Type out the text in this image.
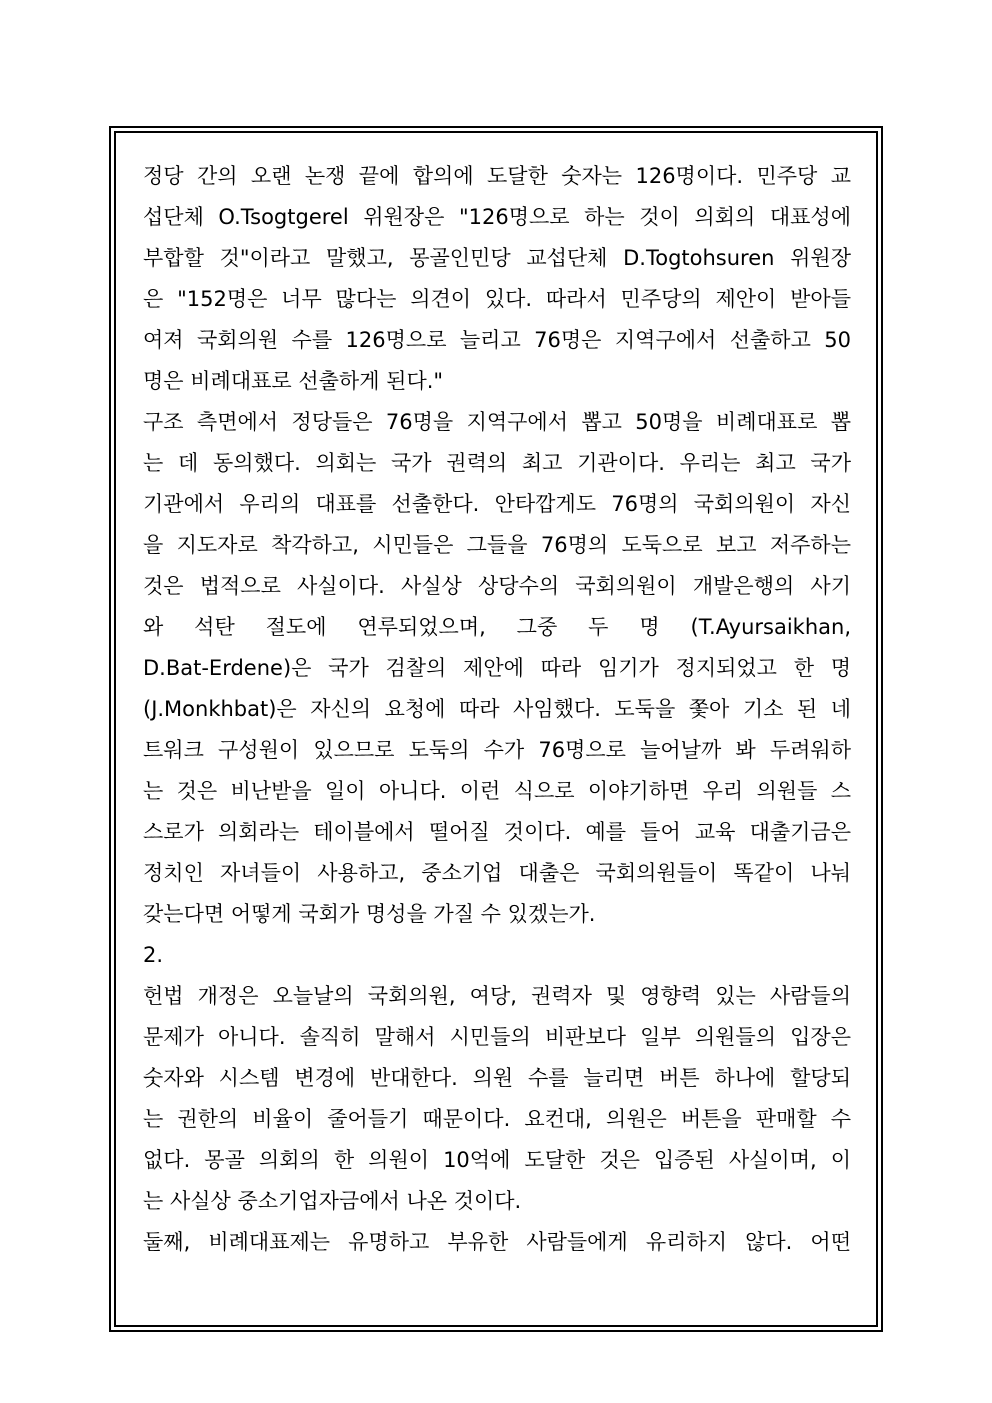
정당 간의 오랜 논쟁 끝에 합의에 도달한 숫자는 126명이다. 민주당 교
섭단체 O.Tsogtgerel 위원장은 "126명으로 하는 것이 의회의 대표성에
부합할 것"이라고 말했고, 몽골인민당 교섭단체 D.Togtohsuren 위원장
은 "152명은 너무 많다는 의견이 있다. 따라서 민주당의 제안이 받아들
여져 국회의원 수를 126명으로 늘리고 76명은 지역구에서 선출하고 50
명은 비례대표로 선출하게 된다."
구조 측면에서 정당들은 76명을 지역구에서 뽑고 50명을 비례대표로 뽑
는 데 동의했다. 의회는 국가 권력의 최고 기관이다. 우리는 최고 국가
기관에서 우리의 대표를 선출한다. 안타깝게도 76명의 국회의원이 자신
을 지도자로 착각하고, 시민들은 그들을 76명의 도둑으로 보고 저주하는
것은 법적으로 사실이다. 사실상 상당수의 국회의원이 개발은행의 사기
와 석탄 절도에 연루되었으며, 그중 두 명 (T.Ayursaikhan,
D.Bat-Erdene)은 국가 검찰의 제안에 따라 임기가 정지되었고 한 명
(J.Monkhbat)은 자신의 요청에 따라 사임했다. 도둑을 쫓아 기소 된 네
트워크 구성원이 있으므로 도둑의 수가 76명으로 늘어날까 봐 두려워하
는 것은 비난받을 일이 아니다. 이런 식으로 이야기하면 우리 의원들 스
스로가 의회라는 테이블에서 떨어질 것이다. 예를 들어 교육 대출기금은
정치인 자녀들이 사용하고, 중소기업 대출은 국회의원들이 똑같이 나눠
갖는다면 어떻게 국회가 명성을 가질 수 있겠는가.
2.
헌법 개정은 오늘날의 국회의원, 여당, 권력자 및 영향력 있는 사람들의
문제가 아니다. 솔직히 말해서 시민들의 비판보다 일부 의원들의 입장은
숫자와 시스템 변경에 반대한다. 의원 수를 늘리면 버튼 하나에 할당되
는 권한의 비율이 줄어들기 때문이다. 요컨대, 의원은 버튼을 판매할 수
없다. 몽골 의회의 한 의원이 10억에 도달한 것은 입증된 사실이며, 이
는 사실상 중소기업자금에서 나온 것이다.
둘째, 비례대표제는 유명하고 부유한 사람들에게 유리하지 않다. 어떤
